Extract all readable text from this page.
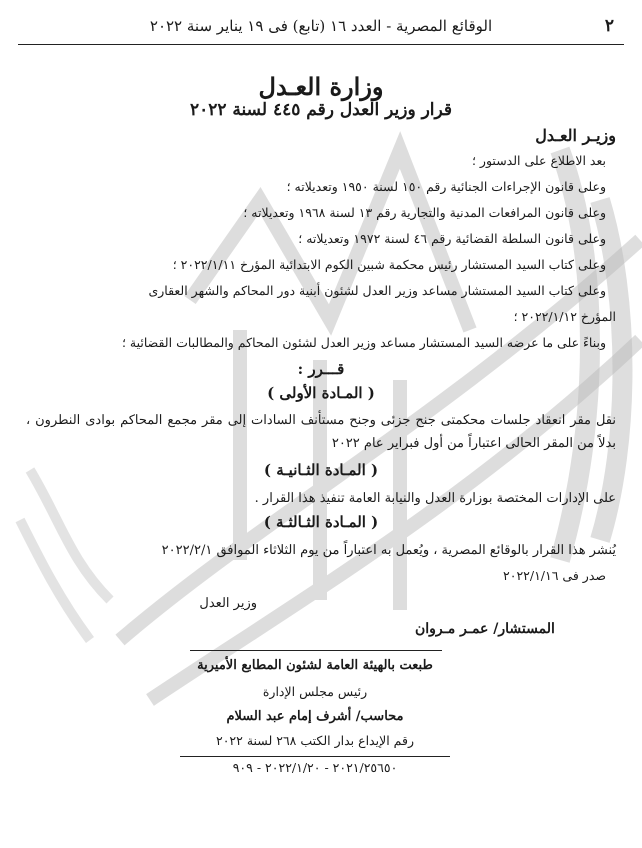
٢
الوقائع المصرية - العدد ١٦ (تابع) فى ١٩ يناير سنة ٢٠٢٢
وزارة العـدل
قرار وزير العدل رقم ٤٤٥ لسنة ٢٠٢٢
وزيـر العـدل
بعد الاطلاع على الدستور ؛
وعلى قانون الإجراءات الجنائية رقم ١٥٠ لسنة ١٩٥٠ وتعديلاته ؛
وعلى قانون المرافعات المدنية والتجارية رقم ١٣ لسنة ١٩٦٨ وتعديلاته ؛
وعلى قانون السلطة القضائية رقم ٤٦ لسنة ١٩٧٢ وتعديلاته ؛
وعلى كتاب السيد المستشار رئيس محكمة شبين الكوم الابتدائية المؤرخ ٢٠٢٢/١/١١ ؛
وعلى كتاب السيد المستشار مساعد وزير العدل لشئون أبنية دور المحاكم والشهر العقارى
المؤرخ ٢٠٢٢/١/١٢ ؛
وبناءً على ما عرضه السيد المستشار مساعد وزير العدل لشئون المحاكم والمطالبات القضائية ؛
قـــرر :
( المـادة الأولى )
نقل مقر انعقاد جلسات محكمتى جنح جزئى وجنح مستأنف السادات إلى مقر مجمع المحاكم بوادى النطرون ، بدلاً من المقر الحالى اعتباراً من أول فبراير عام ٢٠٢٢
( المـادة الثـانيـة )
على الإدارات المختصة بوزارة العدل والنيابة العامة تنفيذ هذا القرار .
( المـادة الثـالثـة )
يُنشر هذا القرار بالوقائع المصرية ، ويُعمل به اعتباراً من يوم الثلاثاء الموافق ٢٠٢٢/٢/١
صدر فى ٢٠٢٢/١/١٦
وزير العدل
المستشار/ عمـر مـروان
طبعت بالهيئة العامة لشئون المطابع الأميرية
رئيس مجلس الإدارة
محاسب/ أشرف إمام عبد السلام
رقم الإيداع بدار الكتب ٢٦٨ لسنة ٢٠٢٢
٢٠٢١/٢٥٦٥٠ - ٢٠٢٢/١/٢٠ - ٩٠٩
